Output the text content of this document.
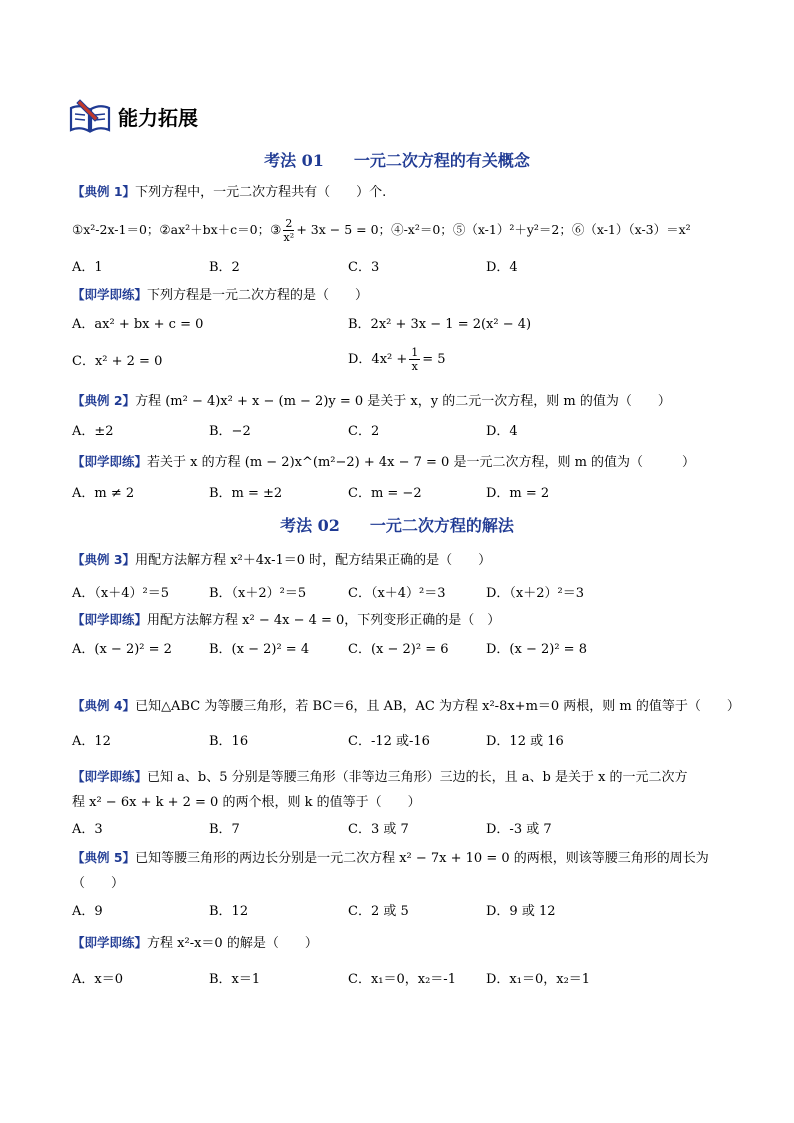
能力拓展
考法 01 一元二次方程的有关概念
【典例 1】下列方程中，一元二次方程共有（　　）个.
①x²-2x-1＝0；②ax²＋bx＋c＝0；③ $\frac{2}{\text{x²}} + 3x - 5 = 0$；④-x²＝0；⑤（x-1）²＋y²＝2；⑥（x-1）（x-3）＝x²
A．1	B．2	C．3	D．4
【即学即练】下列方程是一元二次方程的是（　　）
A．ax² + bx + c = 0	B．2x² + 3x − 1 = 2(x² − 4)
C．x² + 2 = 0	D．$4x^2 + \frac{1}{x} = 5$
【典例 2】方程 (m² − 4)x² + x − (m − 2)y = 0 是关于 x，y 的二元一次方程，则 m 的值为（　　）
A．±2	B．−2	C．2	D．4
【即学即练】若关于 x 的方程 (m − 2)x^(m²−2) + 4x − 7 = 0 是一元二次方程，则 m 的值为（　　　）
A．m ≠ 2	B．m = ±2	C．m = −2	D．m = 2
考法 02 一元二次方程的解法
【典例 3】用配方法解方程 x²＋4x-1＝0 时，配方结果正确的是（　　）
A．（x＋4）²＝5	B．（x＋2）²＝5	C．（x＋4）²＝3	D．（x＋2）²＝3
【即学即练】用配方法解方程 x² − 4x − 4 = 0，下列变形正确的是（　）
A．(x − 2)² = 2	B．(x − 2)² = 4	C．(x − 2)² = 6	D．(x − 2)² = 8
【典例 4】已知△ABC 为等腰三角形，若 BC＝6，且 AB，AC 为方程 x²-8x+m＝0 两根，则 m 的值等于（　　）
A．12	B．16	C．-12 或-16	D．12 或 16
【即学即练】已知 a、b、5 分别是等腰三角形（非等边三角形）三边的长，且 a、b 是关于 x 的一元二次方
程 x² − 6x + k + 2 = 0 的两个根，则 k 的值等于（　　）
A．3	B．7	C．3 或 7	D．-3 或 7
【典例 5】已知等腰三角形的两边长分别是一元二次方程 x² − 7x + 10 = 0 的两根，则该等腰三角形的周长为
（　　）
A．9	B．12	C．2 或 5	D．9 或 12
【即学即练】方程 x²-x＝0 的解是（　　）
A．x＝0	B．x＝1	C．x₁＝0，x₂＝-1 D．x₁＝0，x₂＝1
